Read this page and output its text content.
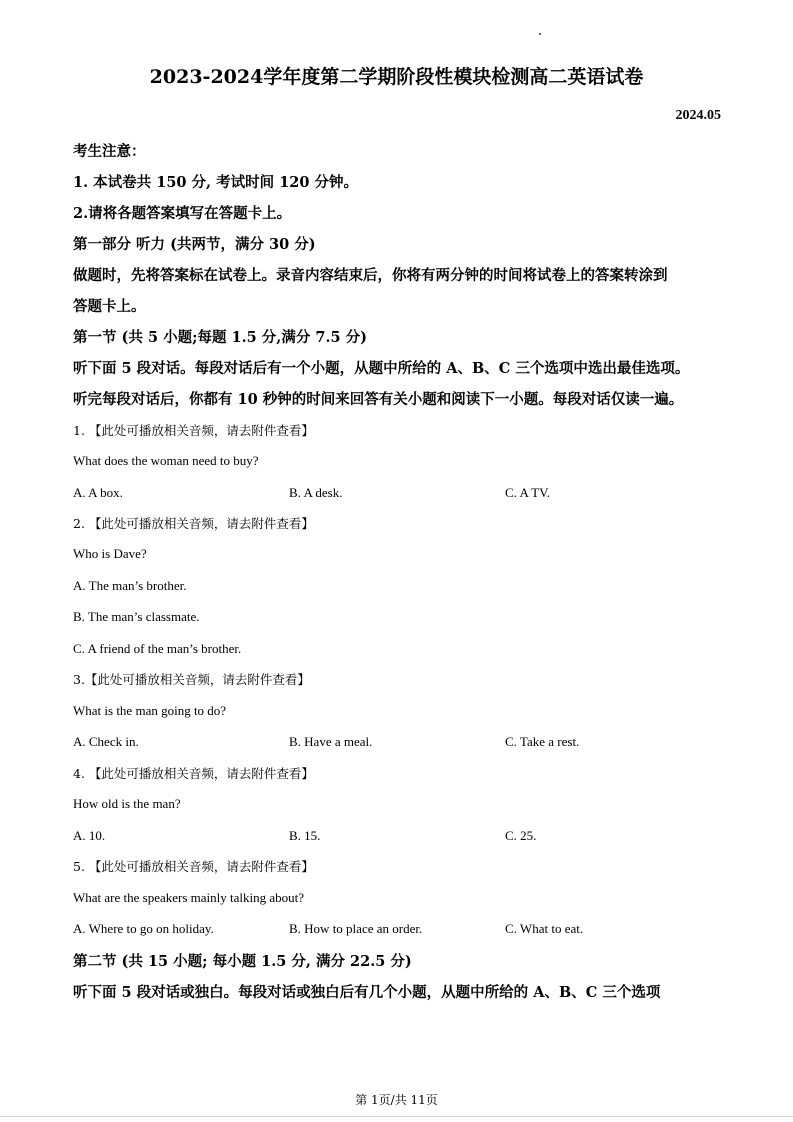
2023-2024学年度第二学期阶段性模块检测高二英语试卷
2024.05
考生注意：
1. 本试卷共 150 分, 考试时间 120 分钟。
2.请将各题答案填写在答题卡上。
第一部分 听力 (共两节，满分 30 分)
做题时，先将答案标在试卷上。录音内容结束后，你将有两分钟的时间将试卷上的答案转涂到
答题卡上。
第一节 (共 5 小题;每题 1.5 分,满分 7.5 分)
听下面 5 段对话。每段对话后有一个小题，从题中所给的 A、B、C 三个选项中选出最佳选项。
听完每段对话后，你都有 10 秒钟的时间来回答有关小题和阅读下一小题。每段对话仅读一遍。
1. 【此处可播放相关音频，请去附件查看】
What does the woman need to buy?
A. A box.	B. A desk.	C. A TV.
2. 【此处可播放相关音频，请去附件查看】
Who is Dave?
A. The man’s brother.
B. The man’s classmate.
C. A friend of the man’s brother.
3.【此处可播放相关音频，请去附件查看】
What is the man going to do?
A. Check in.	B. Have a meal.	C. Take a rest.
4. 【此处可播放相关音频，请去附件查看】
How old is the man?
A. 10.	B. 15.	C. 25.
5. 【此处可播放相关音频，请去附件查看】
What are the speakers mainly talking about?
A. Where to go on holiday.	B. How to place an order.	C. What to eat.
第二节 (共 15 小题; 每小题 1.5 分, 满分 22.5 分)
听下面 5 段对话或独白。每段对话或独白后有几个小题，从题中所给的 A、B、C 三个选项
第 1页/共 11页
